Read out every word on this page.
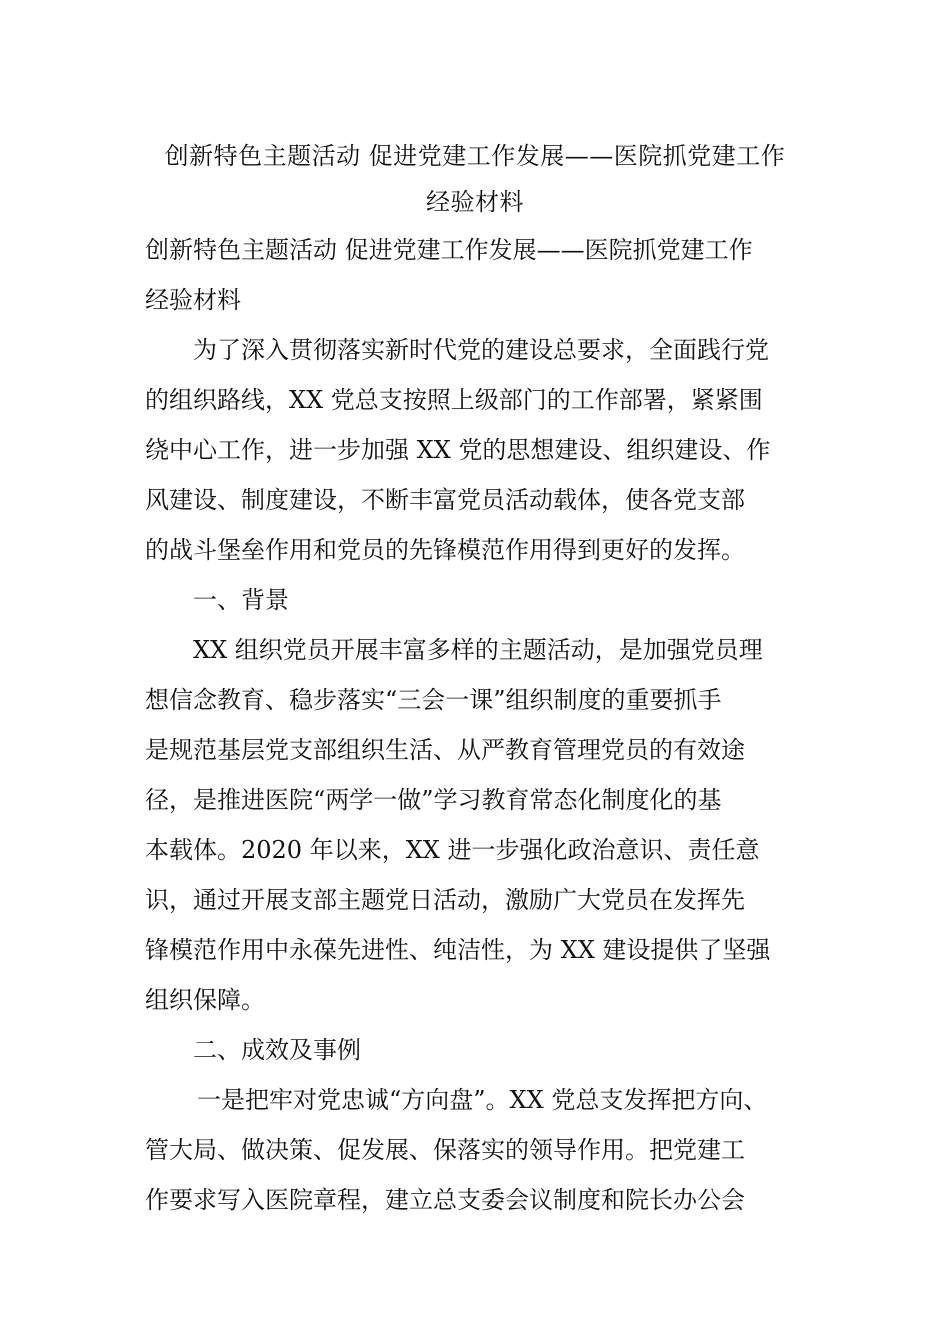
创新特色主题活动 促进党建工作发展——医院抓党建工作
经验材料
创新特色主题活动 促进党建工作发展——医院抓党建工作
经验材料
为了深入贯彻落实新时代党的建设总要求，全面践行党
的组织路线，XX 党总支按照上级部门的工作部署，紧紧围
绕中心工作，进一步加强 XX 党的思想建设、组织建设、作
风建设、制度建设，不断丰富党员活动载体，使各党支部
的战斗堡垒作用和党员的先锋模范作用得到更好的发挥。
一、背景
XX 组织党员开展丰富多样的主题活动，是加强党员理
想信念教育、稳步落实“三会一课”组织制度的重要抓手
是规范基层党支部组织生活、从严教育管理党员的有效途
径，是推进医院“两学一做”学习教育常态化制度化的基
本载体。2020 年以来，XX 进一步强化政治意识、责任意
识，通过开展支部主题党日活动，激励广大党员在发挥先
锋模范作用中永葆先进性、纯洁性，为 XX 建设提供了坚强
组织保障。
二、成效及事例
一是把牢对党忠诚“方向盘”。XX 党总支发挥把方向、
管大局、做决策、促发展、保落实的领导作用。把党建工
作要求写入医院章程，建立总支委会议制度和院长办公会
